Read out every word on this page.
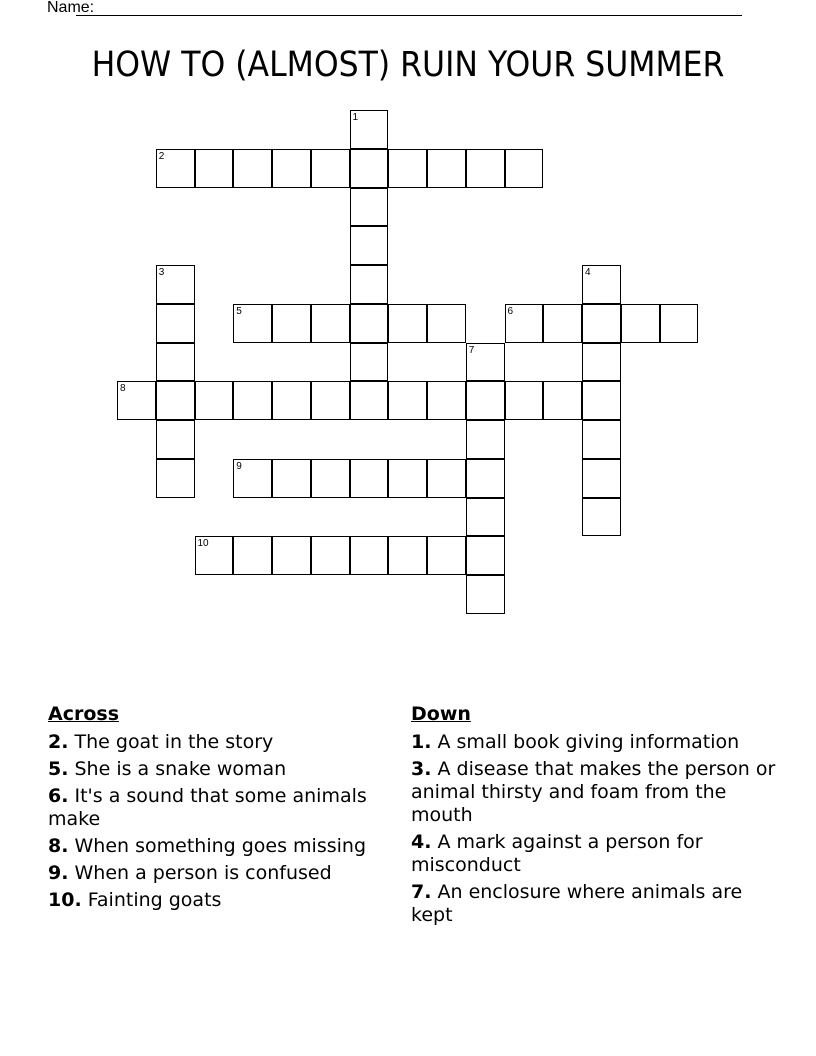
Name:
HOW TO (ALMOST) RUIN YOUR SUMMER
1
2
3	4
5	6
7
8
9
10
Across
2. The goat in the story
5. She is a snake woman
6. It's a sound that some animals make
8. When something goes missing
9. When a person is confused
10. Fainting goats
Down
1. A small book giving information
3. A disease that makes the person or animal thirsty and foam from the mouth
4. A mark against a person for misconduct
7. An enclosure where animals are kept
